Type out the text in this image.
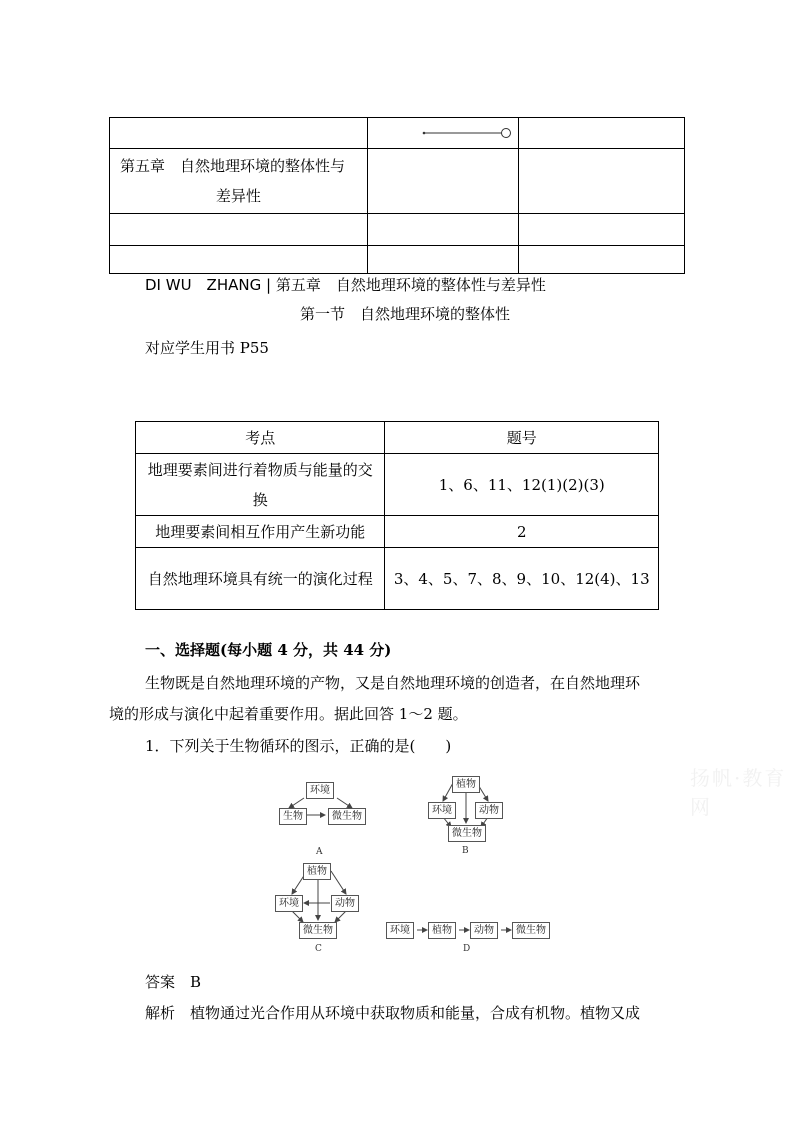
第五章　自然地理环境的整体性与
差异性		

DI WU　ZHANG | 第五章　自然地理环境的整体性与差异性
第一节　自然地理环境的整体性
对应学生用书 P55
考点	题号
地理要素间进行着物质与能量的交换	1、6、11、12(1)(2)(3)
地理要素间相互作用产生新功能	2
自然地理环境具有统一的演化过程	3、4、5、7、8、9、10、12(4)、13
一、选择题(每小题 4 分，共 44 分)
生物既是自然地理环境的产物，又是自然地理环境的创造者，在自然地理环
境的形成与演化中起着重要作用。据此回答 1～2 题。
1．下列关于生物循环的图示，正确的是(　　)
环境
生物	微生物
A
植物
环境	动物
微生物
B
植物
环境	动物
微生物
C
环境	植物	动物	微生物
D
扬帆·教育网
答案　B
解析　植物通过光合作用从环境中获取物质和能量，合成有机物。植物又成
